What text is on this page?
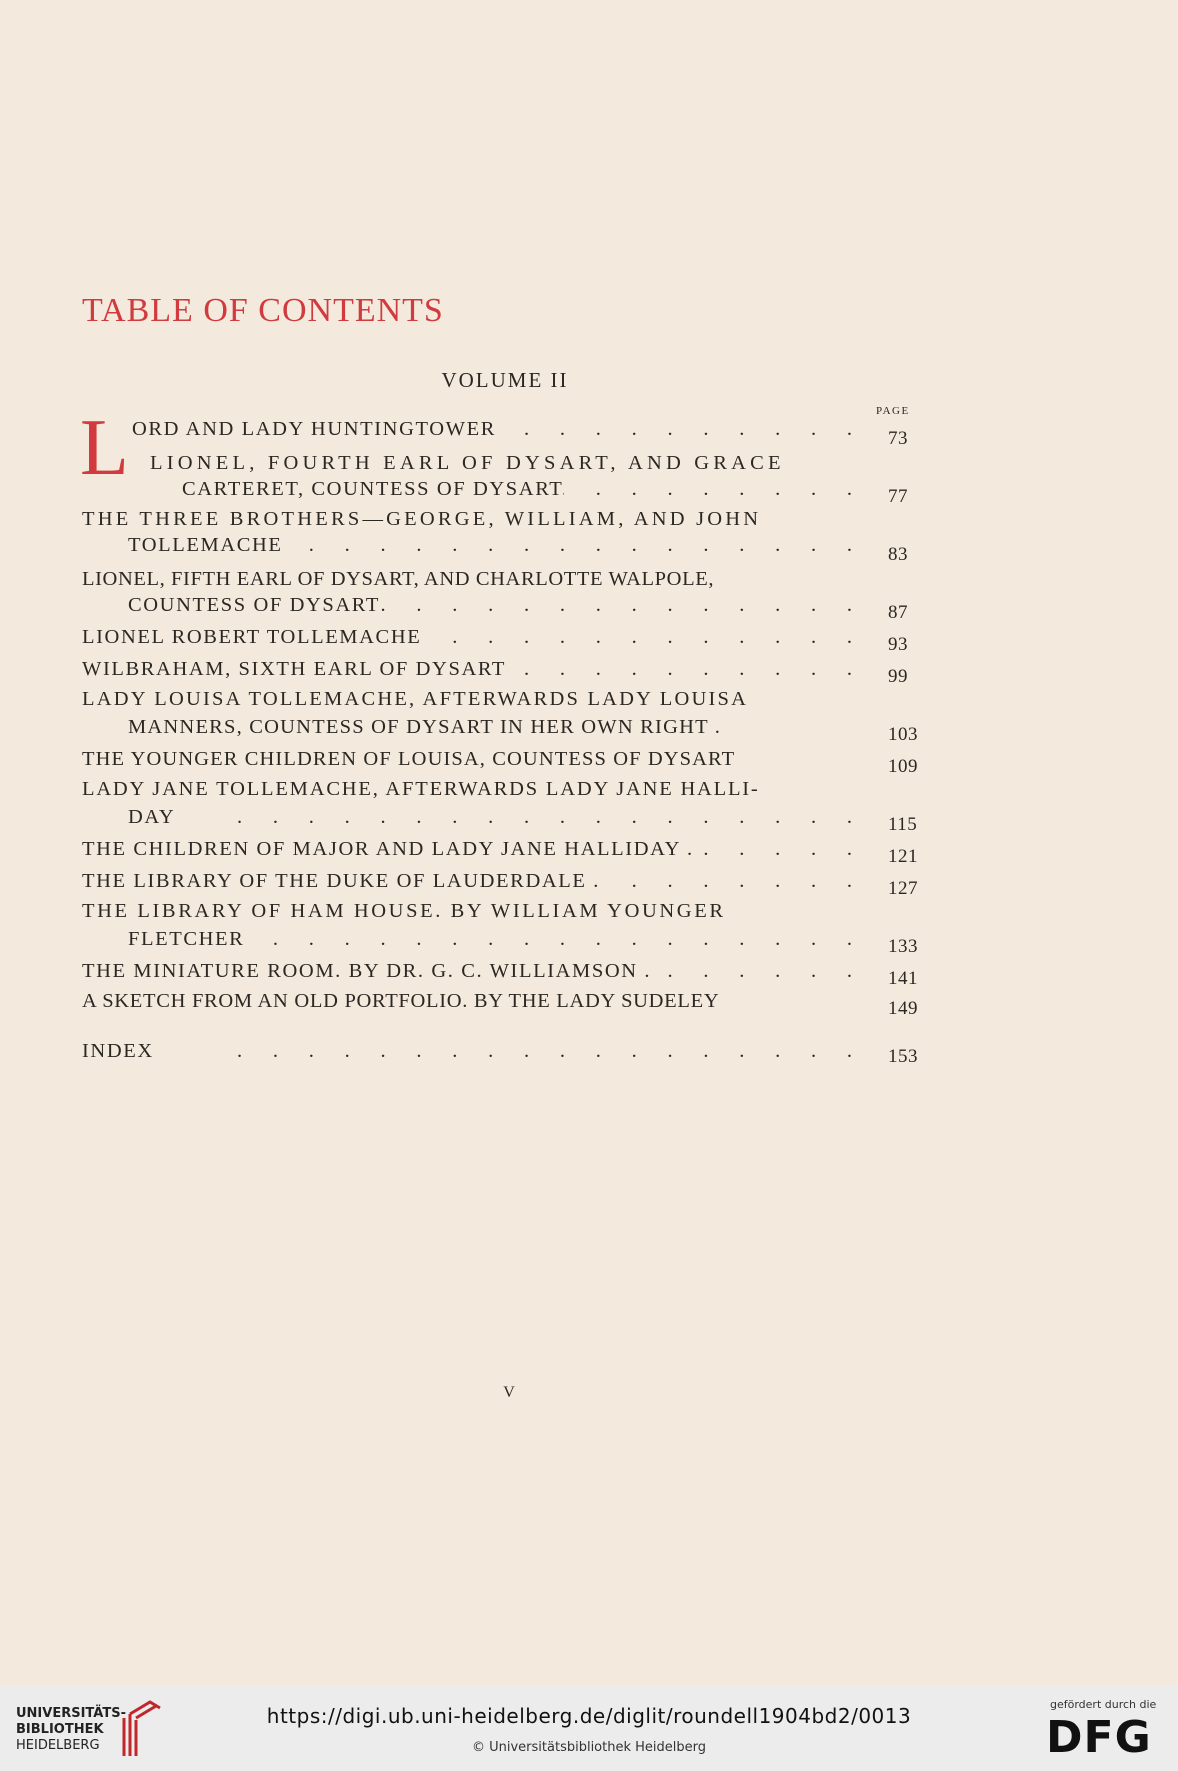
TABLE OF CONTENTS
VOLUME II
PAGE
L ORD AND LADY HUNTINGTOWER .	73
LIONEL, FOURTH EARL OF DYSART, AND GRACE
CARTERET, COUNTESS OF DYSART .	77
THE THREE BROTHERS—GEORGE, WILLIAM, AND JOHN
TOLLEMACHE .	83
LIONEL, FIFTH EARL OF DYSART, AND CHARLOTTE WALPOLE,
COUNTESS OF DYSART .	87
LIONEL ROBERT TOLLEMACHE .	93
WILBRAHAM, SIXTH EARL OF DYSART .	99
LADY LOUISA TOLLEMACHE, AFTERWARDS LADY LOUISA
MANNERS, COUNTESS OF DYSART IN HER OWN RIGHT .	103
THE YOUNGER CHILDREN OF LOUISA, COUNTESS OF DYSART	109
LADY JANE TOLLEMACHE, AFTERWARDS LADY JANE HALLI-
DAY .	115
THE CHILDREN OF MAJOR AND LADY JANE HALLIDAY . .	121
THE LIBRARY OF THE DUKE OF LAUDERDALE . .	127
THE LIBRARY OF HAM HOUSE. BY WILLIAM YOUNGER
FLETCHER .	133
THE MINIATURE ROOM. BY DR. G. C. WILLIAMSON . .	141
A SKETCH FROM AN OLD PORTFOLIO. BY THE LADY SUDELEY	149
INDEX .	153
V
UNIVERSITÄTS-
BIBLIOTHEK
HEIDELBERG
https://digi.ub.uni-heidelberg.de/diglit/roundell1904bd2/0013
© Universitätsbibliothek Heidelberg
gefördert durch die
DFG
